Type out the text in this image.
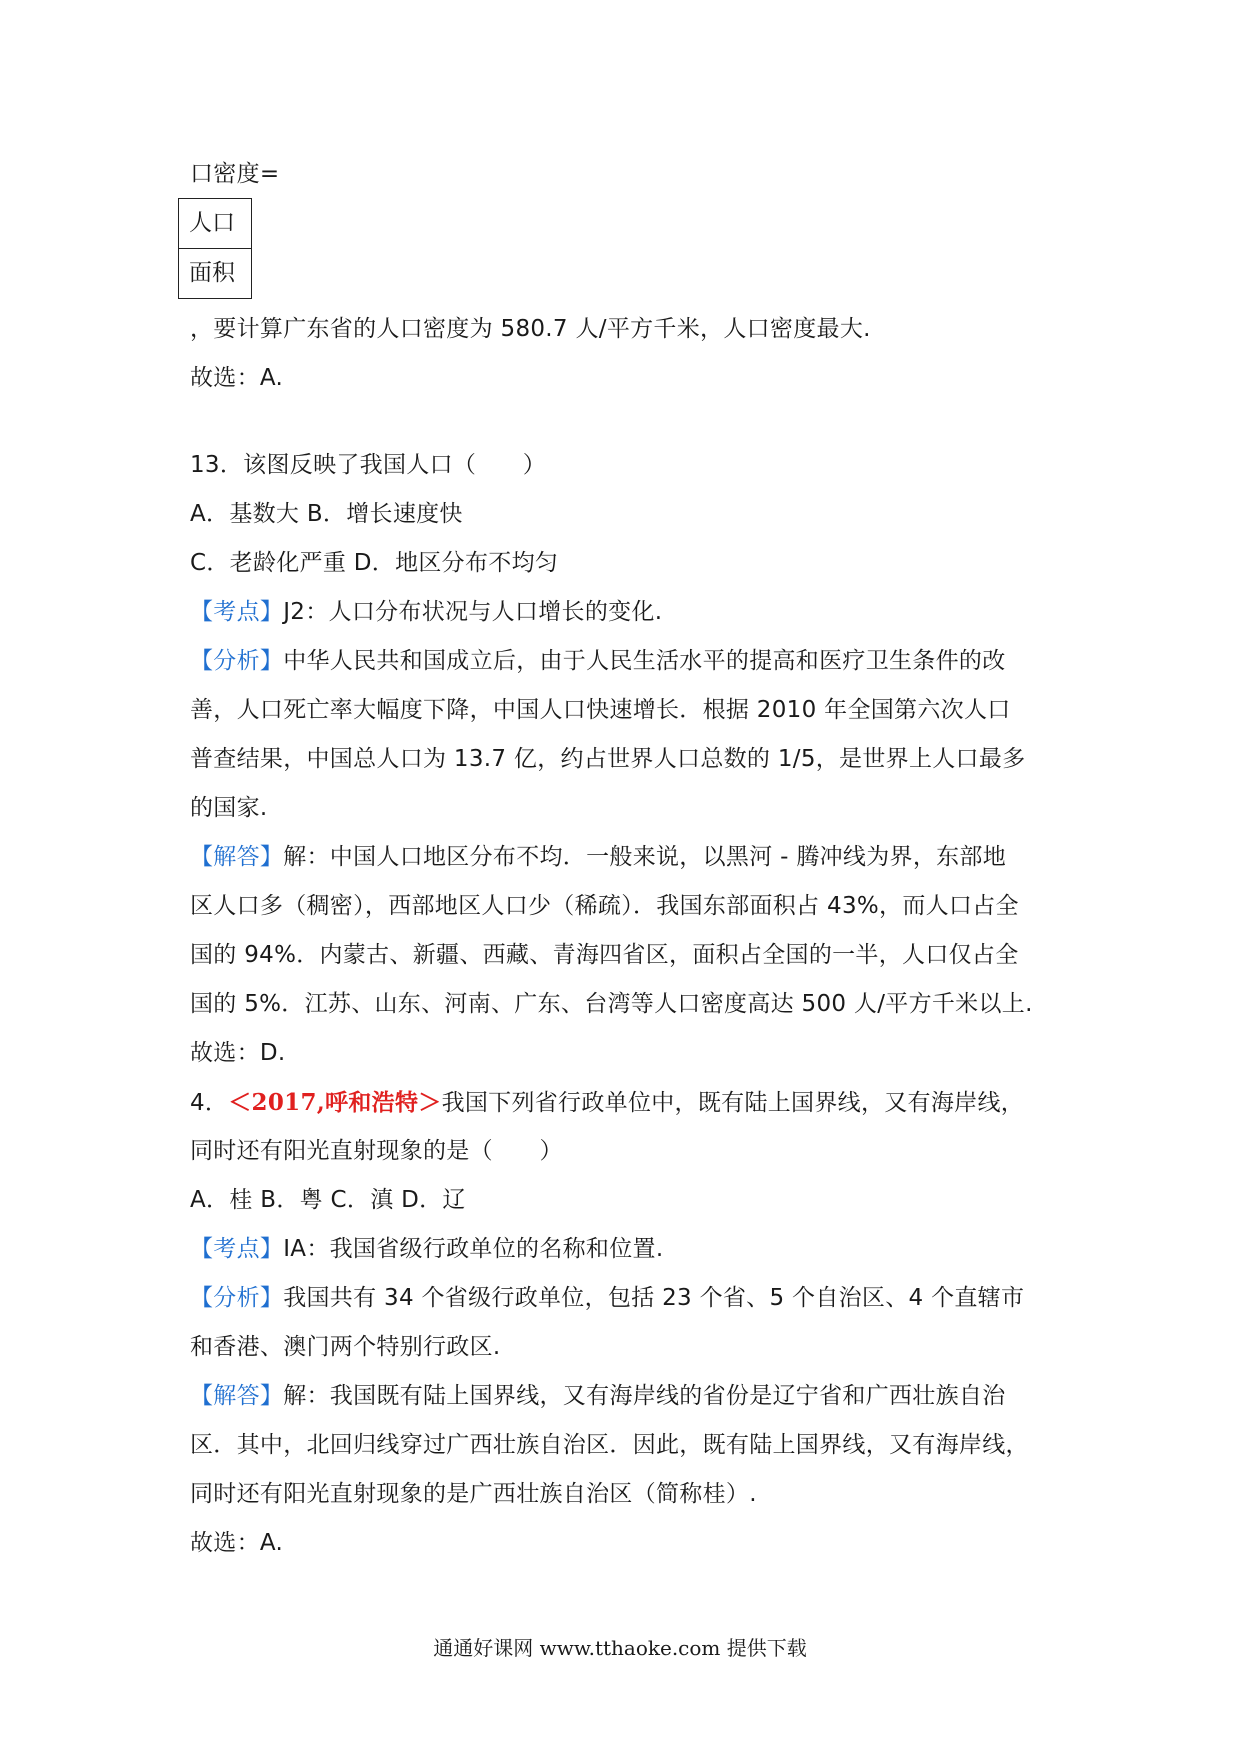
口密度=
人口
面积
，要计算广东省的人口密度为 580.7 人/平方千米，人口密度最大.
故选：A.
13．该图反映了我国人口（　　）
A．基数大 B．增长速度快
C．老龄化严重 D．地区分布不均匀
【考点】J2：人口分布状况与人口增长的变化.
【分析】中华人民共和国成立后，由于人民生活水平的提高和医疗卫生条件的改
善，人口死亡率大幅度下降，中国人口快速增长．根据 2010 年全国第六次人口
普查结果，中国总人口为 13.7 亿，约占世界人口总数的 1/5，是世界上人口最多
的国家.
【解答】解：中国人口地区分布不均．一般来说，以黑河 - 腾冲线为界，东部地
区人口多（稠密），西部地区人口少（稀疏）．我国东部面积占 43%，而人口占全
国的 94%．内蒙古、新疆、西藏、青海四省区，面积占全国的一半，人口仅占全
国的 5%．江苏、山东、河南、广东、台湾等人口密度高达 500 人/平方千米以上.
故选：D.
4．＜2017,呼和浩特＞我国下列省行政单位中，既有陆上国界线，又有海岸线，
同时还有阳光直射现象的是（　　）
A．桂 B．粤 C．滇 D．辽
【考点】IA：我国省级行政单位的名称和位置.
【分析】我国共有 34 个省级行政单位，包括 23 个省、5 个自治区、4 个直辖市
和香港、澳门两个特别行政区.
【解答】解：我国既有陆上国界线，又有海岸线的省份是辽宁省和广西壮族自治
区．其中，北回归线穿过广西壮族自治区．因此，既有陆上国界线，又有海岸线，
同时还有阳光直射现象的是广西壮族自治区（简称桂）.
故选：A.
通通好课网 www.tthaoke.com 提供下载
